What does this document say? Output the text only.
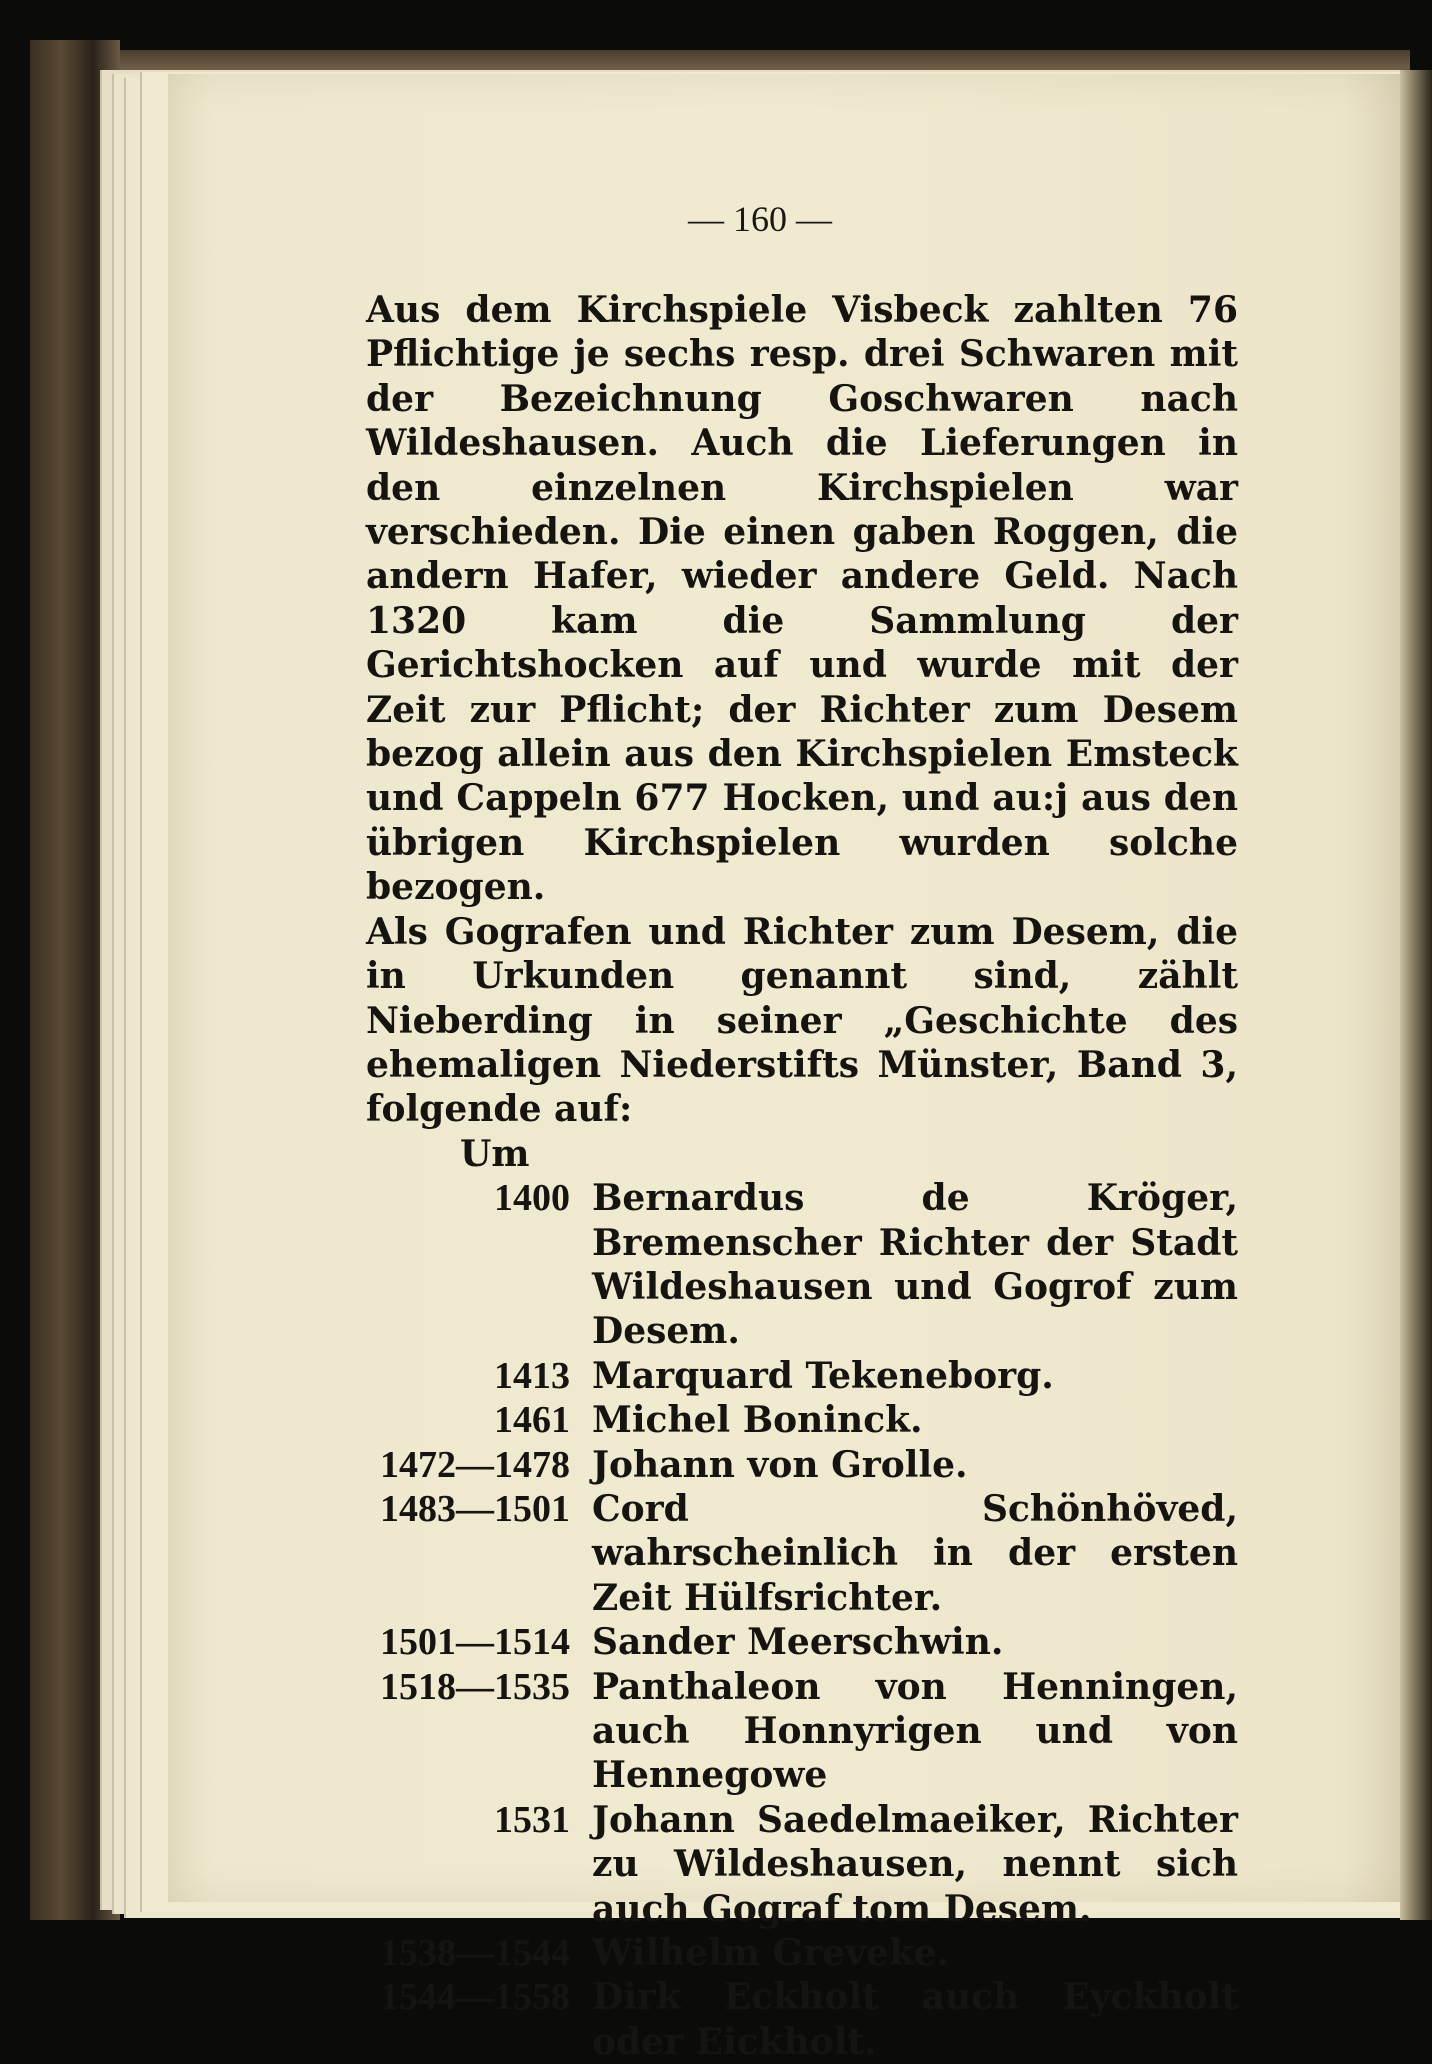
— 160 —
Aus dem Kirchspiele Visbeck zahlten 76 Pflichtige je sechs resp. drei Schwaren mit der Bezeichnung Goschwaren nach Wildeshausen. Auch die Lieferungen in den einzelnen Kirchspielen war verschieden. Die einen gaben Roggen, die andern Hafer, wieder andere Geld. Nach 1320 kam die Sammlung der Gerichtshocken auf und wurde mit der Zeit zur Pflicht; der Richter zum Desem bezog allein aus den Kirchspielen Emsteck und Cappeln 677 Hocken, und au:j aus den übrigen Kirchspielen wurden solche bezogen.
Als Gografen und Richter zum Desem, die in Urkunden genannt sind, zählt Nieberding in seiner „Geschichte des ehemaligen Niederstifts Münster, Band 3, folgende auf:
Um
1400 Bernardus de Kröger, Bremenscher Richter der Stadt Wildeshausen und Gogrof zum Desem.
1413 Marquard Tekeneborg.
1461 Michel Boninck.
1472—1478 Johann von Grolle.
1483—1501 Cord Schönhöved, wahrscheinlich in der ersten Zeit Hülfsrichter.
1501—1514 Sander Meerschwin.
1518—1535 Panthaleon von Henningen, auch Honnyrigen und von Hennegowe
1531 Johann Saedelmaeiker, Richter zu Wildeshausen, nennt sich auch Gograf tom Desem.
1538—1544 Wilhelm Greveke.
1544—1558 Dirk Eckholt auch Eyckholt oder Eickholt.
